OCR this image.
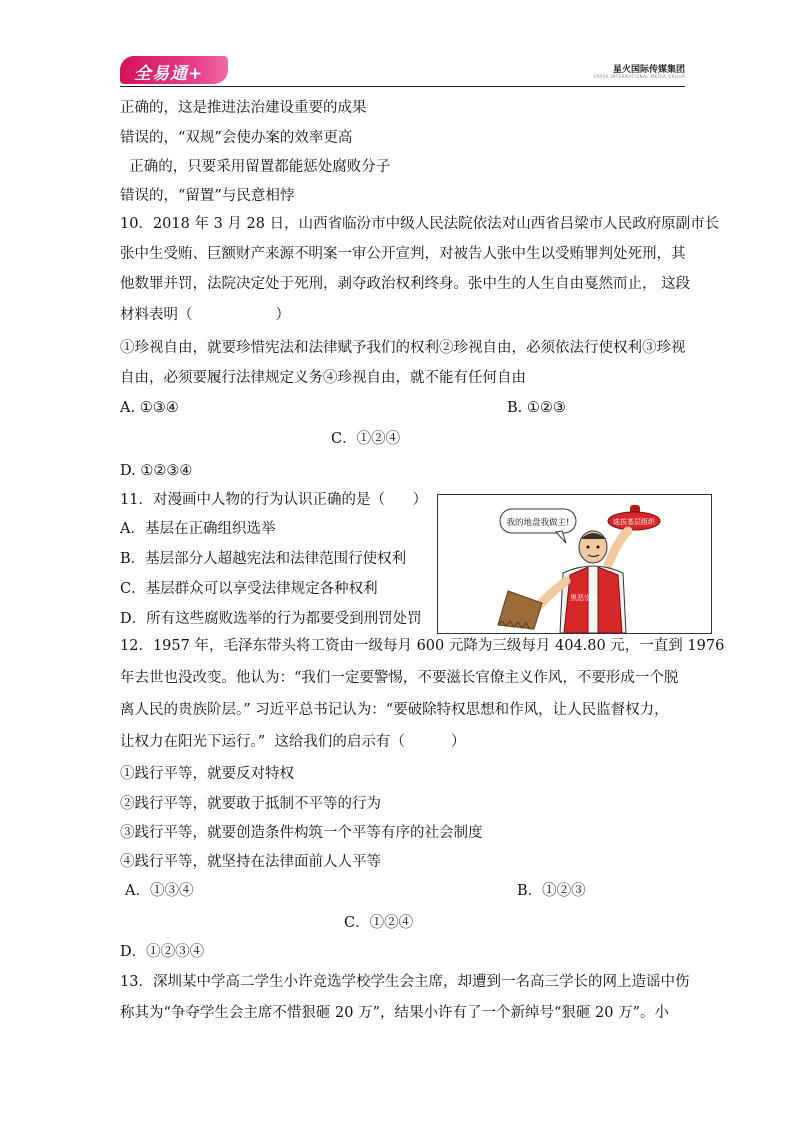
全易通+	星火国际传媒集团
SPARK INTERNATIONAL MEDIA GROUP
正确的，这是推进法治建设重要的成果
错误的，“双规”会使办案的效率更高
正确的，只要采用留置都能惩处腐败分子
错误的，“留置”与民意相悖
10．2018 年 3 月 28 日，山西省临汾市中级人民法院依法对山西省吕梁市人民政府原副市长
张中生受贿、巨额财产来源不明案一审公开宣判，对被告人张中生以受贿罪判处死刑，其
他数罪并罚，法院决定处于死刑，剥夺政治权利终身。张中生的人生自由戛然而止， 这段
材料表明（                  ）
①珍视自由，就要珍惜宪法和法律赋予我们的权利②珍视自由，必须依法行使权利③珍视
自由，必须要履行法律规定义务④珍视自由，就不能有任何自由
A. ①③④	B. ①②③
C．①②④
D. ①②③④
11．对漫画中人物的行为认识正确的是（      ）
A．基层在正确组织选举
B．基层部分人超越宪法和法律范围行使权利
C．基层群众可以享受法律规定各种权利
D．所有这些腐败选举的行为都要受到刑罚处罚
我的地盘我做主!	选拔基层组织
黑恶宗族
12．1957 年，毛泽东带头将工资由一级每月 600 元降为三级每月 404.80 元，一直到 1976
年去世也没改变。他认为：“我们一定要警惕，不要滋长官僚主义作风，不要形成一个脱
离人民的贵族阶层。” 习近平总书记认为：“要破除特权思想和作风，让人民监督权力，
让权力在阳光下运行。”  这给我们的启示有（          ）
①践行平等，就要反对特权
②践行平等，就要敢于抵制不平等的行为
③践行平等，就要创造条件构筑一个平等有序的社会制度
④践行平等，就坚持在法律面前人人平等
A．①③④	B．①②③
C．①②④
D．①②③④
13．深圳某中学高二学生小许竞选学校学生会主席，却遭到一名高三学长的网上造谣中伤
称其为“争夺学生会主席不惜狠砸 20 万”，结果小许有了一个新绰号“狠砸 20 万”。小
